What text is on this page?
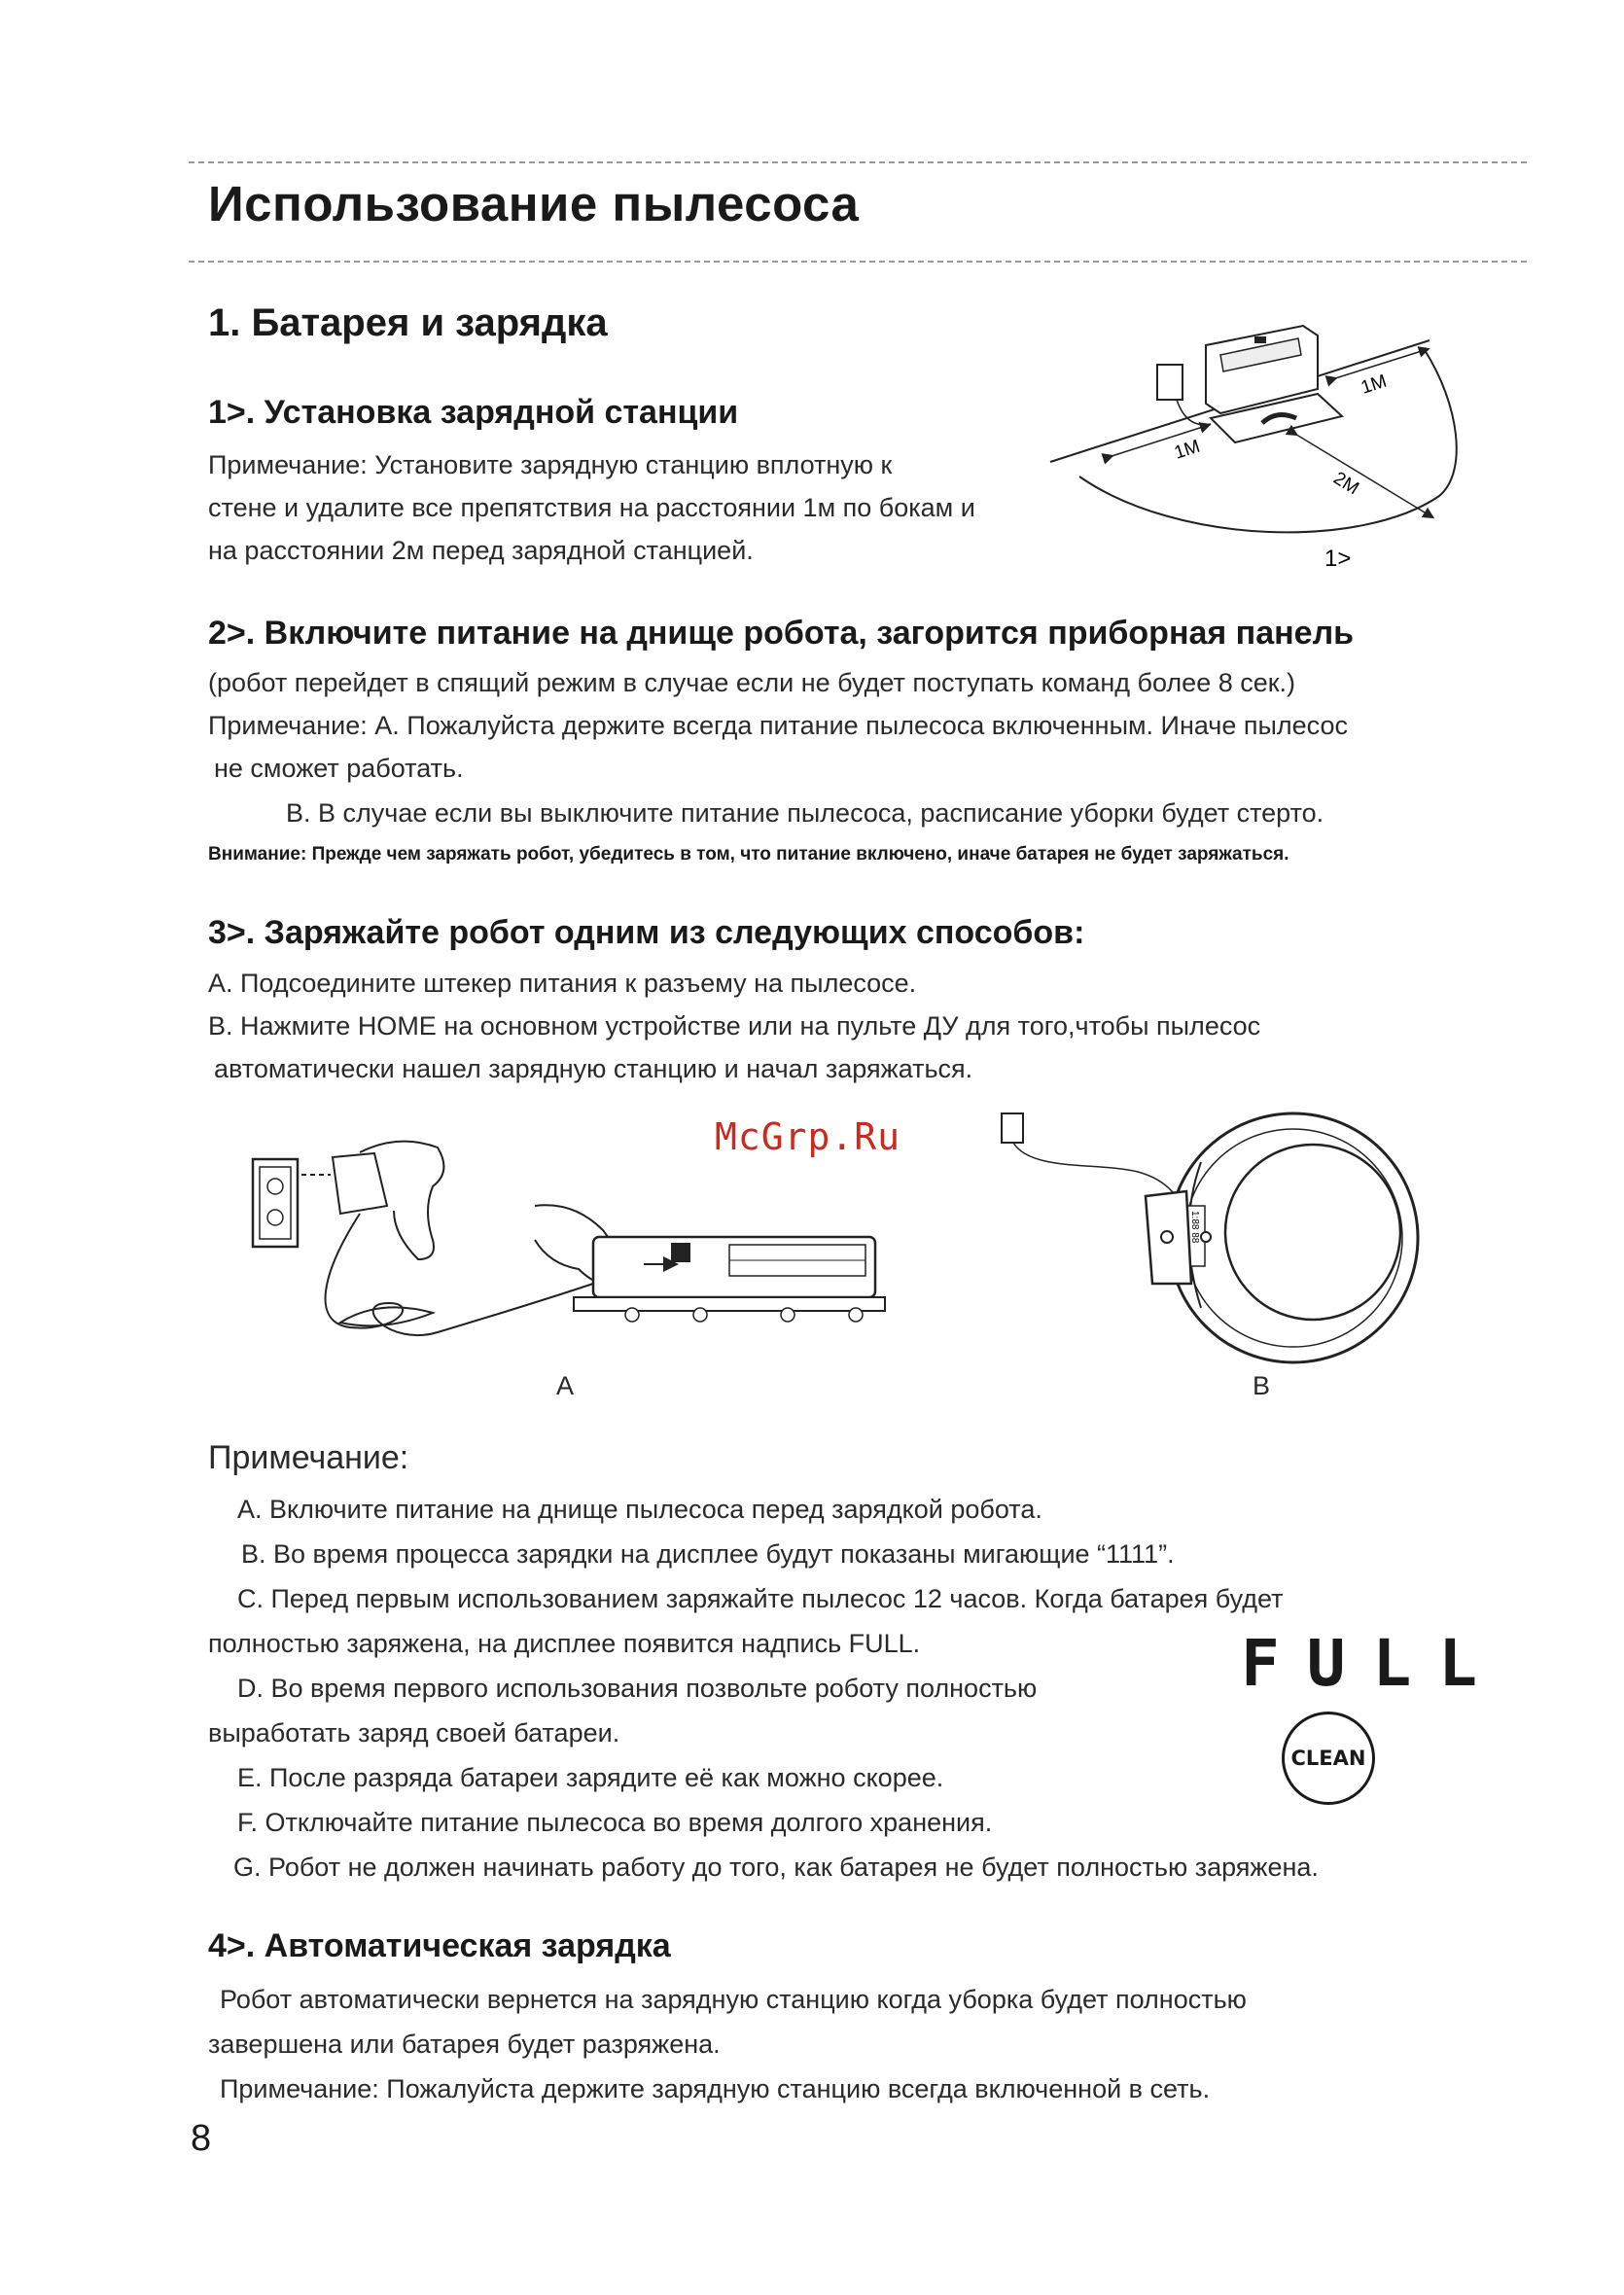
Использование пылесоса
1. Батарея и зарядка
1>. Установка зарядной станции
Примечание: Установите зарядную станцию вплотную к
стене и удалите все препятствия на расстоянии 1м по бокам и
на расстоянии 2м перед зарядной станцией.
1M
1M
2M
1>
2>. Включите питание на днище робота, загорится приборная панель
(робот перейдет в спящий режим в случае если не будет поступать команд более 8 сек.)
Примечание: A. Пожалуйста держите всегда питание пылесоса включенным. Иначе пылесос
не сможет работать.
B. В случае если вы выключите питание пылесоса, расписание уборки будет стерто.
Внимание: Прежде чем заряжать робот, убедитесь в том, что питание включено, иначе батарея не будет заряжаться.
3>. Заряжайте робот одним из следующих способов:
A. Подсоедините штекер питания к разъему на пылесосе.
B. Нажмите HOME на основном устройстве или на пульте ДУ для того,чтобы пылесос
автоматически нашел зарядную станцию и начал заряжаться.
McGrp.Ru
A
1:88 88
B
Примечание:
A. Включите питание на днище пылесоса перед зарядкой робота.
B. Во время процесса зарядки на дисплее будут показаны мигающие “1111”.
C. Перед первым использованием заряжайте пылесос 12 часов. Когда батарея будет
полностью заряжена, на дисплее появится надпись FULL.
D. Во время первого использования позвольте роботу полностью
выработать заряд своей батареи.
E. После разряда батареи зарядите её как можно скорее.
F. Отключайте питание пылесоса во время долгого хранения.
G. Робот не должен начинать работу до того, как батарея не будет полностью заряжена.
FULL
CLEAN
4>. Автоматическая зарядка
Робот автоматически вернется на зарядную станцию когда уборка будет полностью
завершена или батарея будет разряжена.
Примечание: Пожалуйста держите зарядную станцию всегда включенной в сеть.
8
